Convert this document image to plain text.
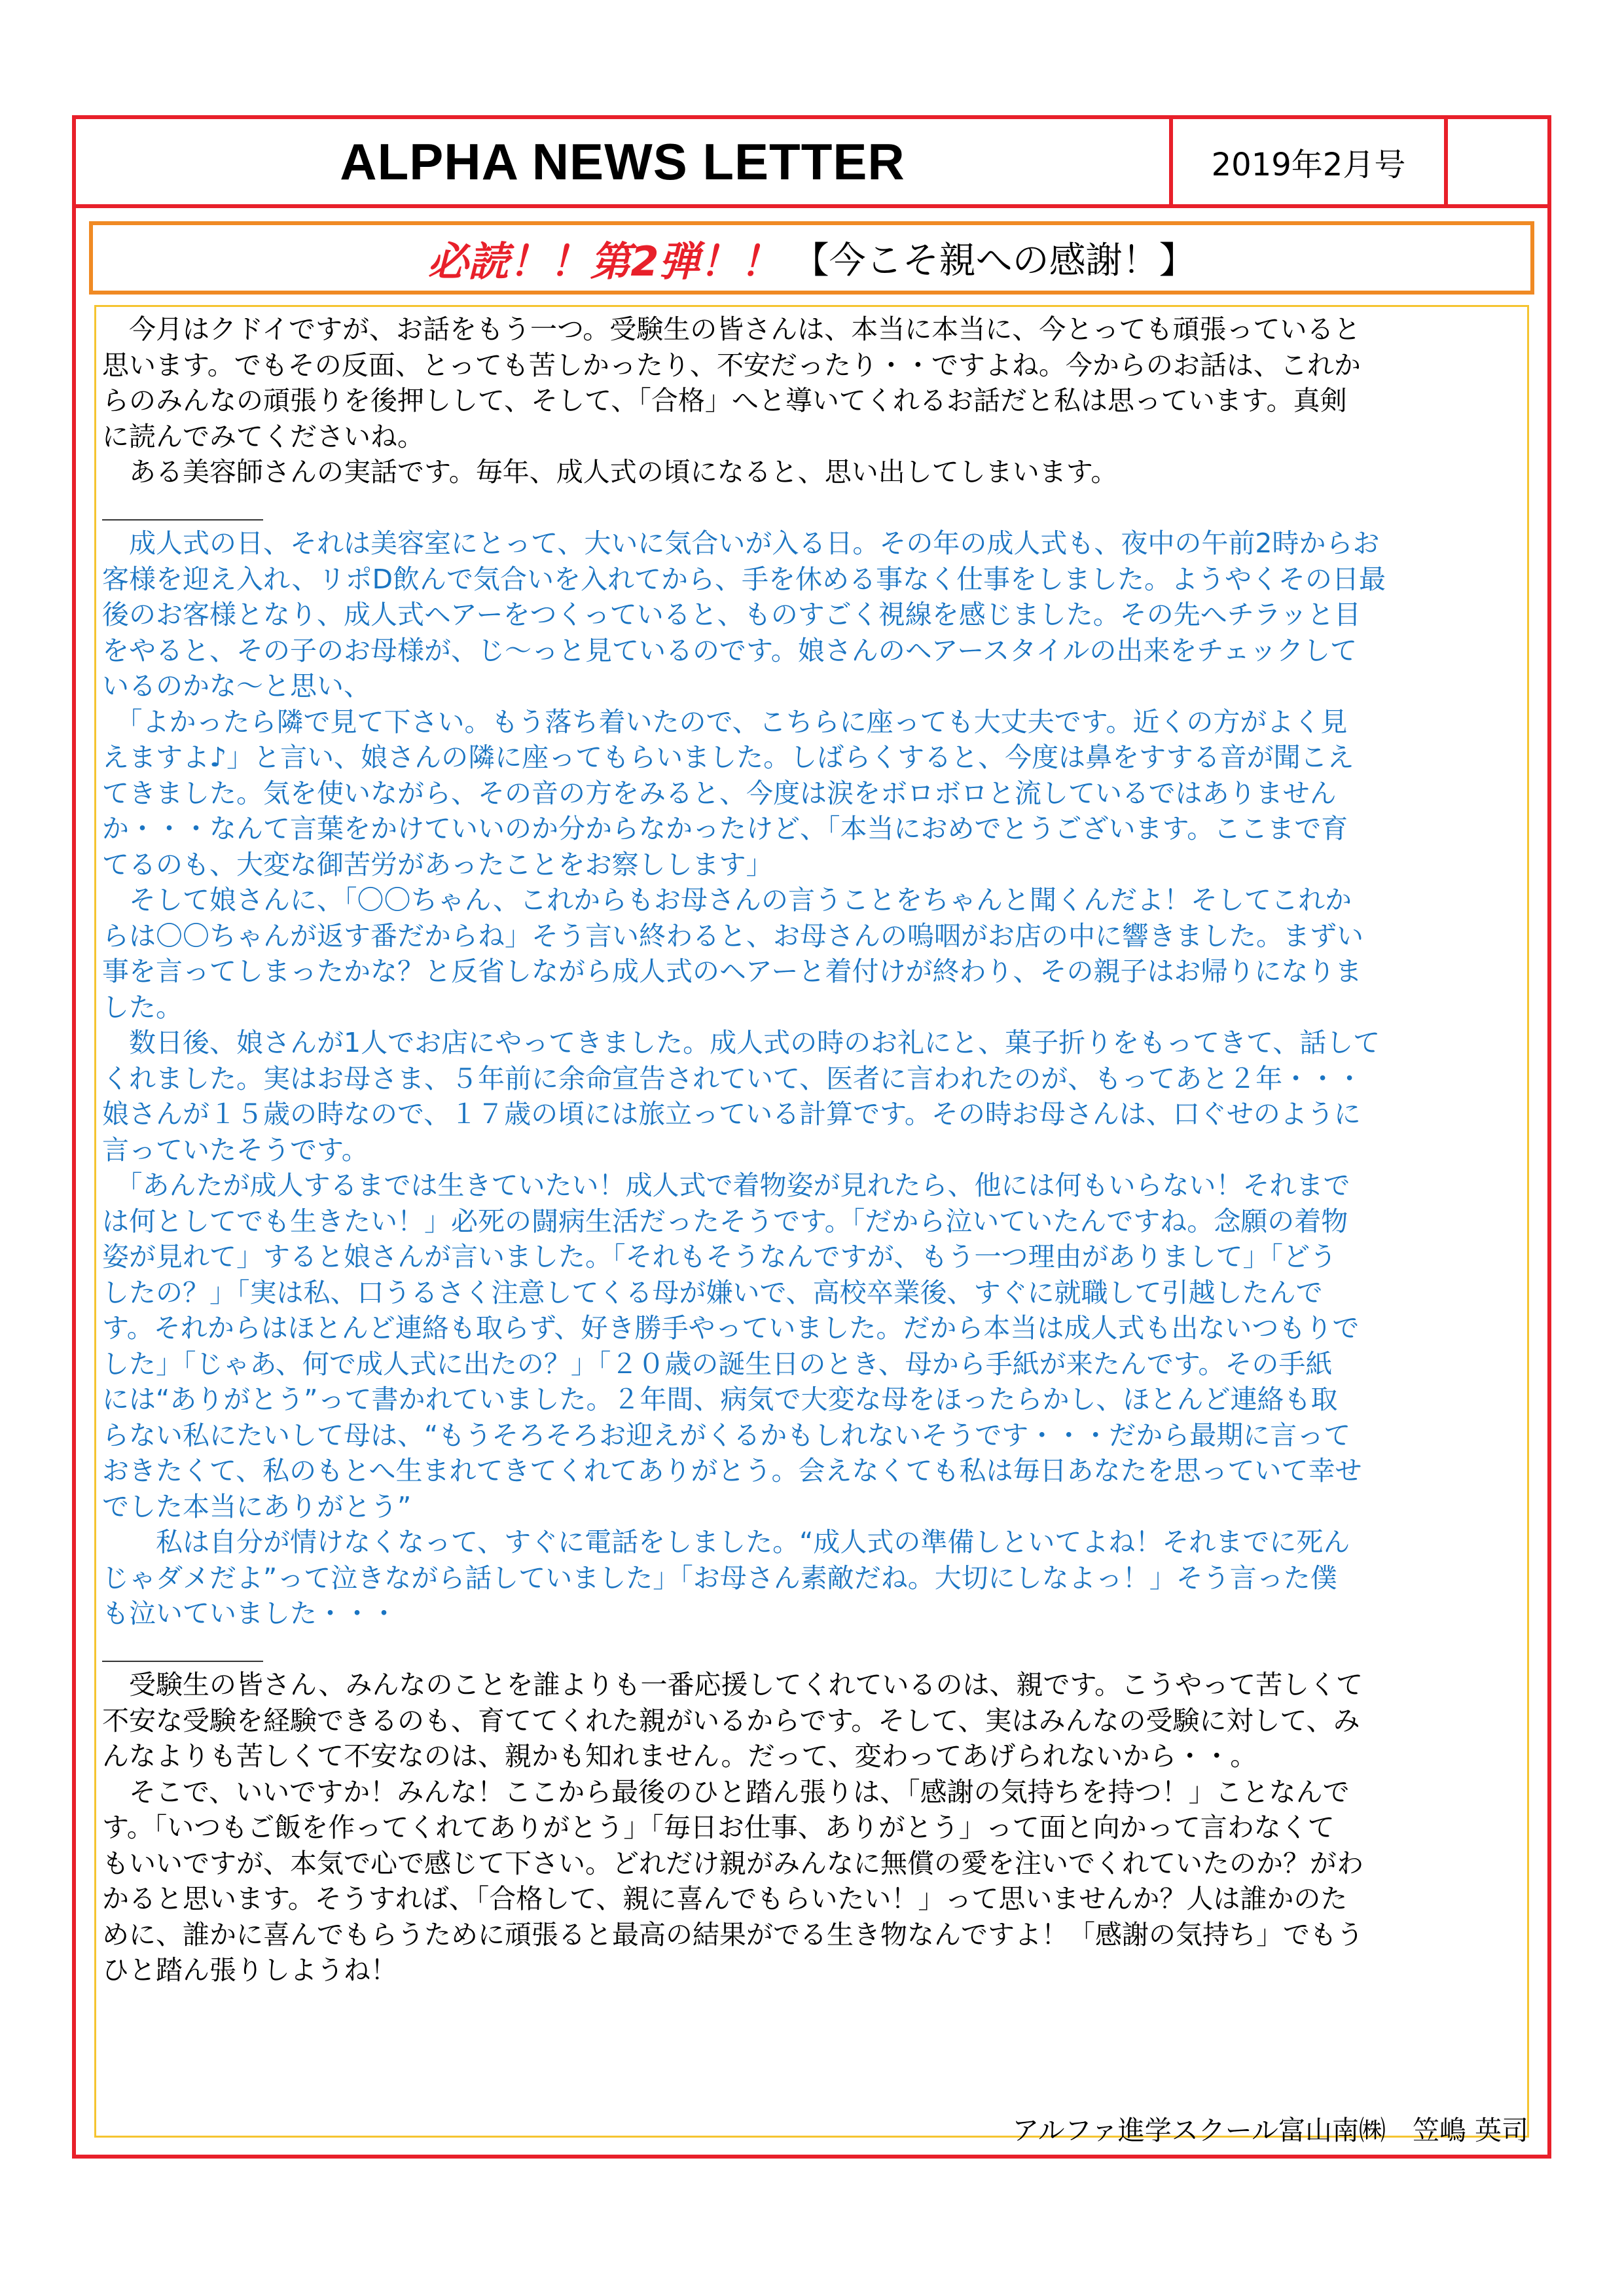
ALPHA NEWS LETTER	2019年2月号
必読！！第2弾！！ 【今こそ親への感謝！】

　今月はクドイですが、お話をもう一つ。受験生の皆さんは、本当に本当に、今とっても頑張っていると

思います。でもその反面、とっても苦しかったり、不安だったり・・ですよね。今からのお話は、これか

らのみんなの頑張りを後押しして、そして、「合格」へと導いてくれるお話だと私は思っています。真剣

に読んでみてくださいね。

　ある美容師さんの実話です。毎年、成人式の頃になると、思い出してしまいます。

＿＿＿＿＿＿

　成人式の日、それは美容室にとって、大いに気合いが入る日。その年の成人式も、夜中の午前2時からお

客様を迎え入れ、リポD飲んで気合いを入れてから、手を休める事なく仕事をしました。ようやくその日最

後のお客様となり、成人式ヘアーをつくっていると、ものすごく視線を感じました。その先へチラッと目

をやると、その子のお母様が、じ～っと見ているのです。娘さんのヘアースタイルの出来をチェックして

いるのかな～と思い、

　「よかったら隣で見て下さい。もう落ち着いたので、こちらに座っても大丈夫です。近くの方がよく見

えますよ♪」と言い、娘さんの隣に座ってもらいました。しばらくすると、今度は鼻をすする音が聞こえ

てきました。気を使いながら、その音の方をみると、今度は涙をボロボロと流しているではありません

か・・・なんて言葉をかけていいのか分からなかったけど、「本当におめでとうございます。ここまで育

てるのも、大変な御苦労があったことをお察しします」

　そして娘さんに、「〇〇ちゃん、これからもお母さんの言うことをちゃんと聞くんだよ！そしてこれか

らは〇〇ちゃんが返す番だからね」そう言い終わると、お母さんの嗚咽がお店の中に響きました。まずい

事を言ってしまったかな？と反省しながら成人式のヘアーと着付けが終わり、その親子はお帰りになりま

した。

　数日後、娘さんが1人でお店にやってきました。成人式の時のお礼にと、菓子折りをもってきて、話して

くれました。実はお母さま、５年前に余命宣告されていて、医者に言われたのが、もってあと２年・・・

娘さんが１５歳の時なので、１７歳の頃には旅立っている計算です。その時お母さんは、口ぐせのように

言っていたそうです。

　「あんたが成人するまでは生きていたい！成人式で着物姿が見れたら、他には何もいらない！それまで

は何としてでも生きたい！」必死の闘病生活だったそうです。「だから泣いていたんですね。念願の着物

姿が見れて」すると娘さんが言いました。「それもそうなんですが、もう一つ理由がありまして」「どう

したの？」「実は私、口うるさく注意してくる母が嫌いで、高校卒業後、すぐに就職して引越したんで

す。それからはほとんど連絡も取らず、好き勝手やっていました。だから本当は成人式も出ないつもりで

した」「じゃあ、何で成人式に出たの？」「２０歳の誕生日のとき、母から手紙が来たんです。その手紙

には“ありがとう”って書かれていました。２年間、病気で大変な母をほったらかし、ほとんど連絡も取

らない私にたいして母は、“もうそろそろお迎えがくるかもしれないそうです・・・だから最期に言って

おきたくて、私のもとへ生まれてきてくれてありがとう。会えなくても私は毎日あなたを思っていて幸せ

でした本当にありがとう”

　　私は自分が情けなくなって、すぐに電話をしました。“成人式の準備しといてよね！それまでに死ん

じゃダメだよ”って泣きながら話していました」「お母さん素敵だね。大切にしなよっ！」そう言った僕

も泣いていました・・・

＿＿＿＿＿＿

　受験生の皆さん、みんなのことを誰よりも一番応援してくれているのは、親です。こうやって苦しくて

不安な受験を経験できるのも、育ててくれた親がいるからです。そして、実はみんなの受験に対して、み

んなよりも苦しくて不安なのは、親かも知れません。だって、変わってあげられないから・・。

　そこで、いいですか！みんな！ここから最後のひと踏ん張りは、「感謝の気持ちを持つ！」ことなんで

す。「いつもご飯を作ってくれてありがとう」「毎日お仕事、ありがとう」って面と向かって言わなくて

もいいですが、本気で心で感じて下さい。どれだけ親がみんなに無償の愛を注いでくれていたのか？がわ

かると思います。そうすれば、「合格して、親に喜んでもらいたい！」って思いませんか？人は誰かのた

めに、誰かに喜んでもらうために頑張ると最高の結果がでる生き物なんですよ！「感謝の気持ち」でもう

ひと踏ん張りしようね！

アルファ進学スクール富山南㈱　笠嶋 英司
